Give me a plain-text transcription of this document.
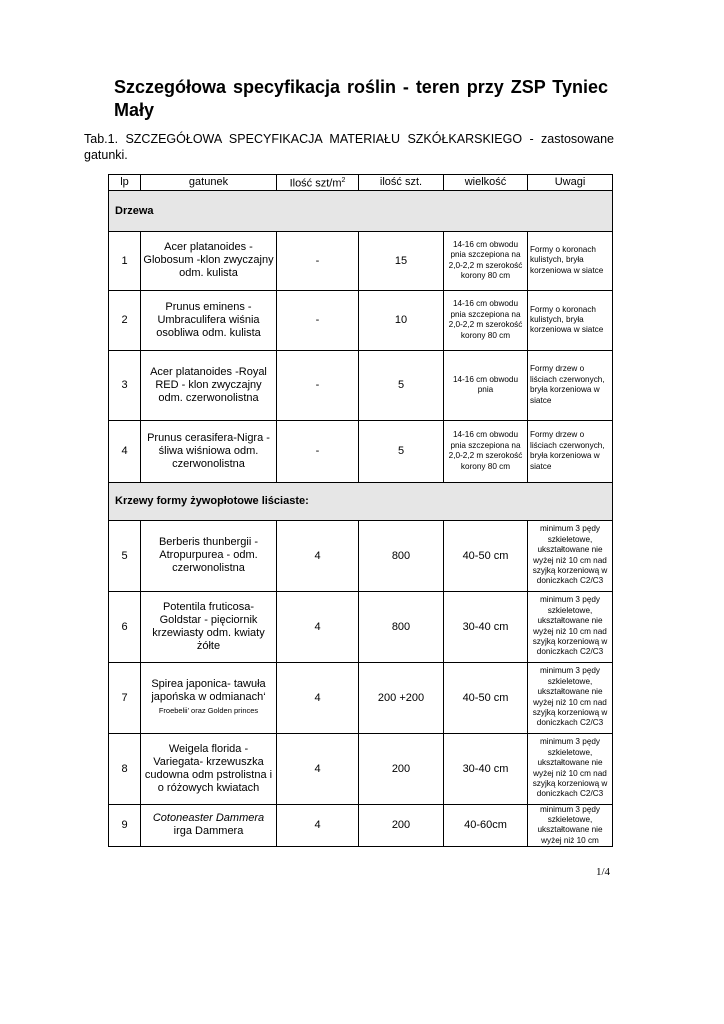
Szczegółowa specyfikacja roślin - teren przy ZSP Tyniec Mały
Tab.1. SZCZEGÓŁOWA SPECYFIKACJA MATERIAŁU SZKÓŁKARSKIEGO - zastosowane gatunki.
lp	gatunek	Ilość szt/$m^2$	ilość szt.	wielkość	Uwagi
Drzewa					
1	Acer platanoides - Globosum -klon zwyczajny odm. kulista	-	15	14-16 cm obwodu pnia szczepiona na 2,0-2,2 m szerokość korony 80 cm	Formy o koronach kulistych, bryła korzeniowa w siatce
2	Prunus eminens - Umbraculifera wiśnia osobliwa odm. kulista	-	10	14-16 cm obwodu pnia szczepiona na 2,0-2,2 m szerokość korony 80 cm	Formy o koronach kulistych, bryła korzeniowa w siatce
3	Acer platanoides -Royal RED - klon zwyczajny odm. czerwonolistna	-	5	14-16 cm obwodu pnia	Formy drzew o liściach czerwonych, bryła korzeniowa w siatce
4	Prunus cerasifera-Nigra - śliwa wiśniowa odm. czerwonolistna	-	5	14-16 cm obwodu pnia szczepiona na 2,0-2,2 m szerokość korony 80 cm	Formy drzew o liściach czerwonych, bryła korzeniowa w siatce
Krzewy formy żywopłotowe liściaste:					
5	Berberis thunbergii - Atropurpurea - odm. czerwonolistna	4	800	40-50 cm	minimum 3 pędy szkieletowe, ukształtowane nie wyżej niż 10 cm nad szyjką korzeniową w doniczkach C2/C3
6	Potentila fruticosa-Goldstar - pięciornik krzewiasty odm. kwiaty żółte	4	800	30-40 cm	minimum 3 pędy szkieletowe, ukształtowane nie wyżej niż 10 cm nad szyjką korzeniową w doniczkach C2/C3
7	Spirea japonica- tawuła japońska w odmianach‘
Froebelii’ oraz Golden princes	4	200 +200	40-50 cm	minimum 3 pędy szkieletowe, ukształtowane nie wyżej niż 10 cm nad szyjką korzeniową w doniczkach C2/C3
8	Weigela florida - Variegata- krzewuszka cudowna odm pstrolistna i o różowych kwiatach	4	200	30-40 cm	minimum 3 pędy szkieletowe, ukształtowane nie wyżej niż 10 cm nad szyjką korzeniową w doniczkach C2/C3
9	Cotoneaster Dammera
irga Dammera	4	200	40-60cm	minimum 3 pędy szkieletowe, ukształtowane nie wyżej niż 10 cm
1/4
